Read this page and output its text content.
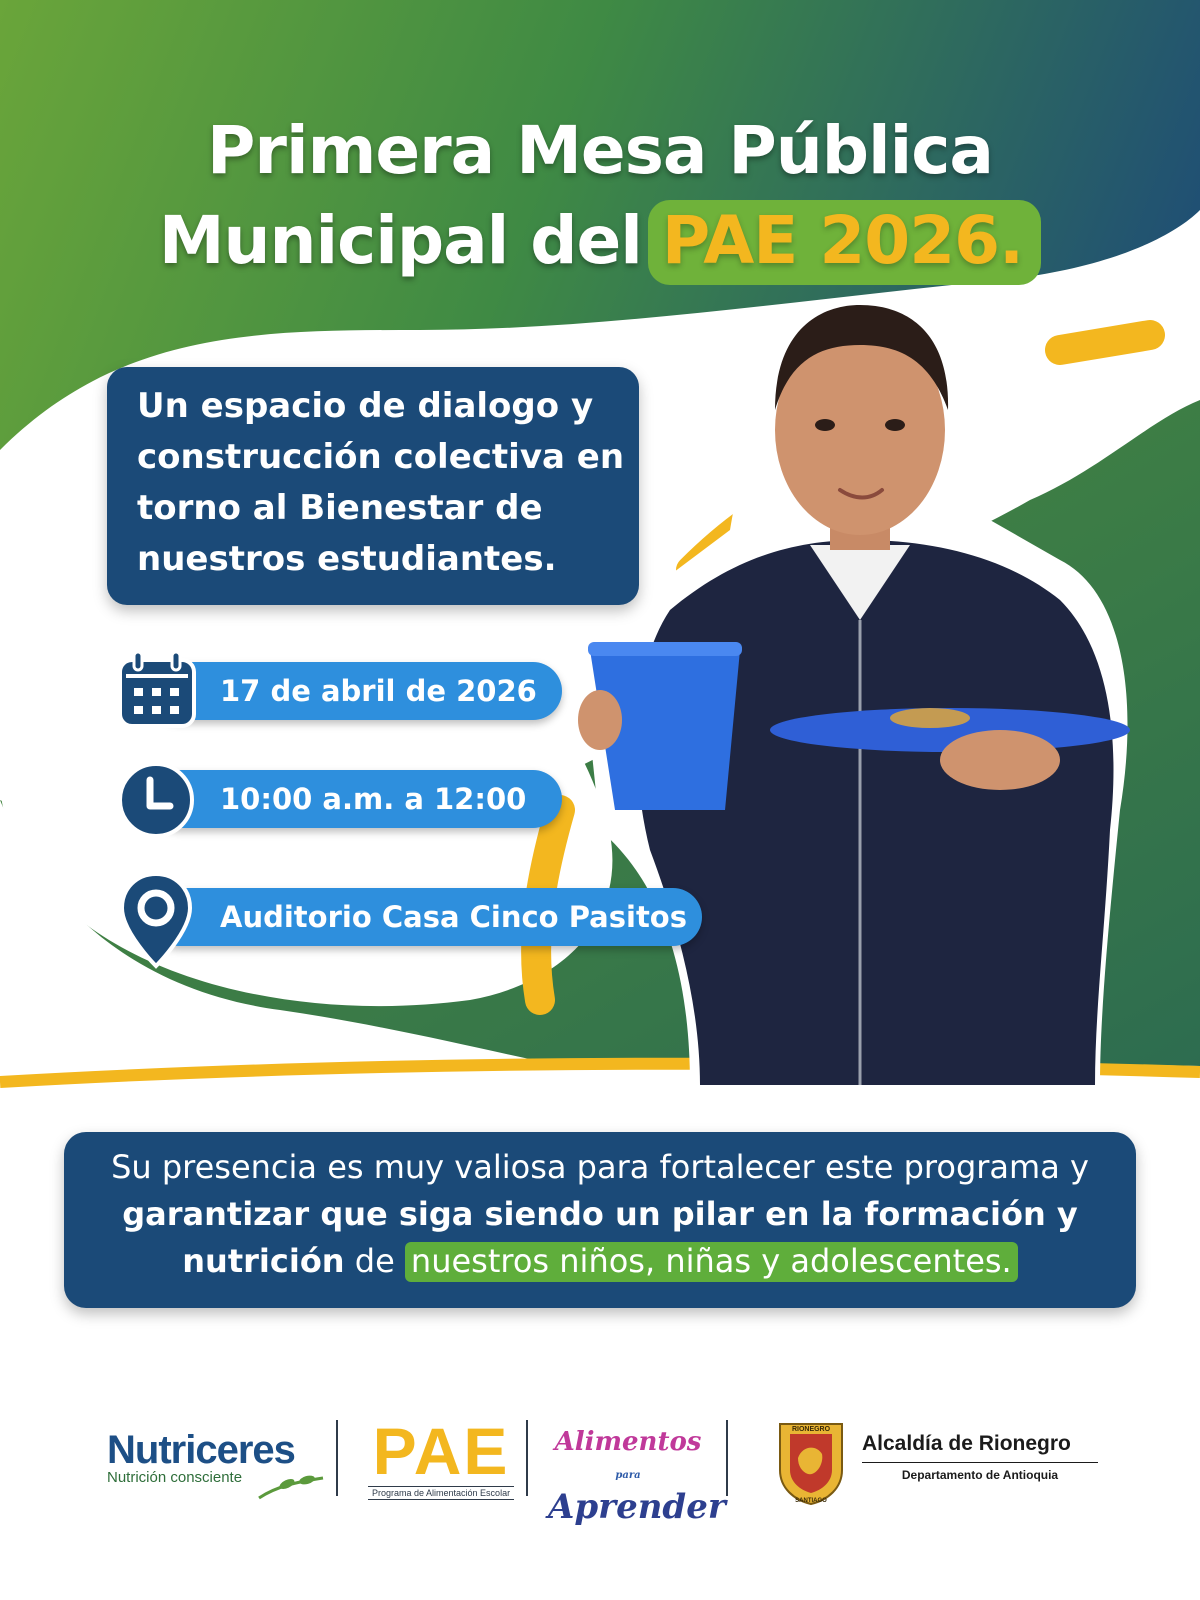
Primera Mesa Pública
Municipal del PAE 2026.
Un espacio de dialogo y construcción colectiva en torno al Bienestar de nuestros estudiantes.
17 de abril de 2026
10:00 a.m. a 12:00 m.
Auditorio Casa Cinco Pasitos
Su presencia es muy valiosa para fortalecer este programa y garantizar que siga siendo un pilar en la formación y nutrición de nuestros niños, niñas y adolescentes.
Nutriceres
Nutrición consciente	PAE
Programa de Alimentación Escolar
Alimentos para
Aprender
RIONEGRO
SANTIAGO
Alcaldía de Rionegro
Departamento de Antioquia
